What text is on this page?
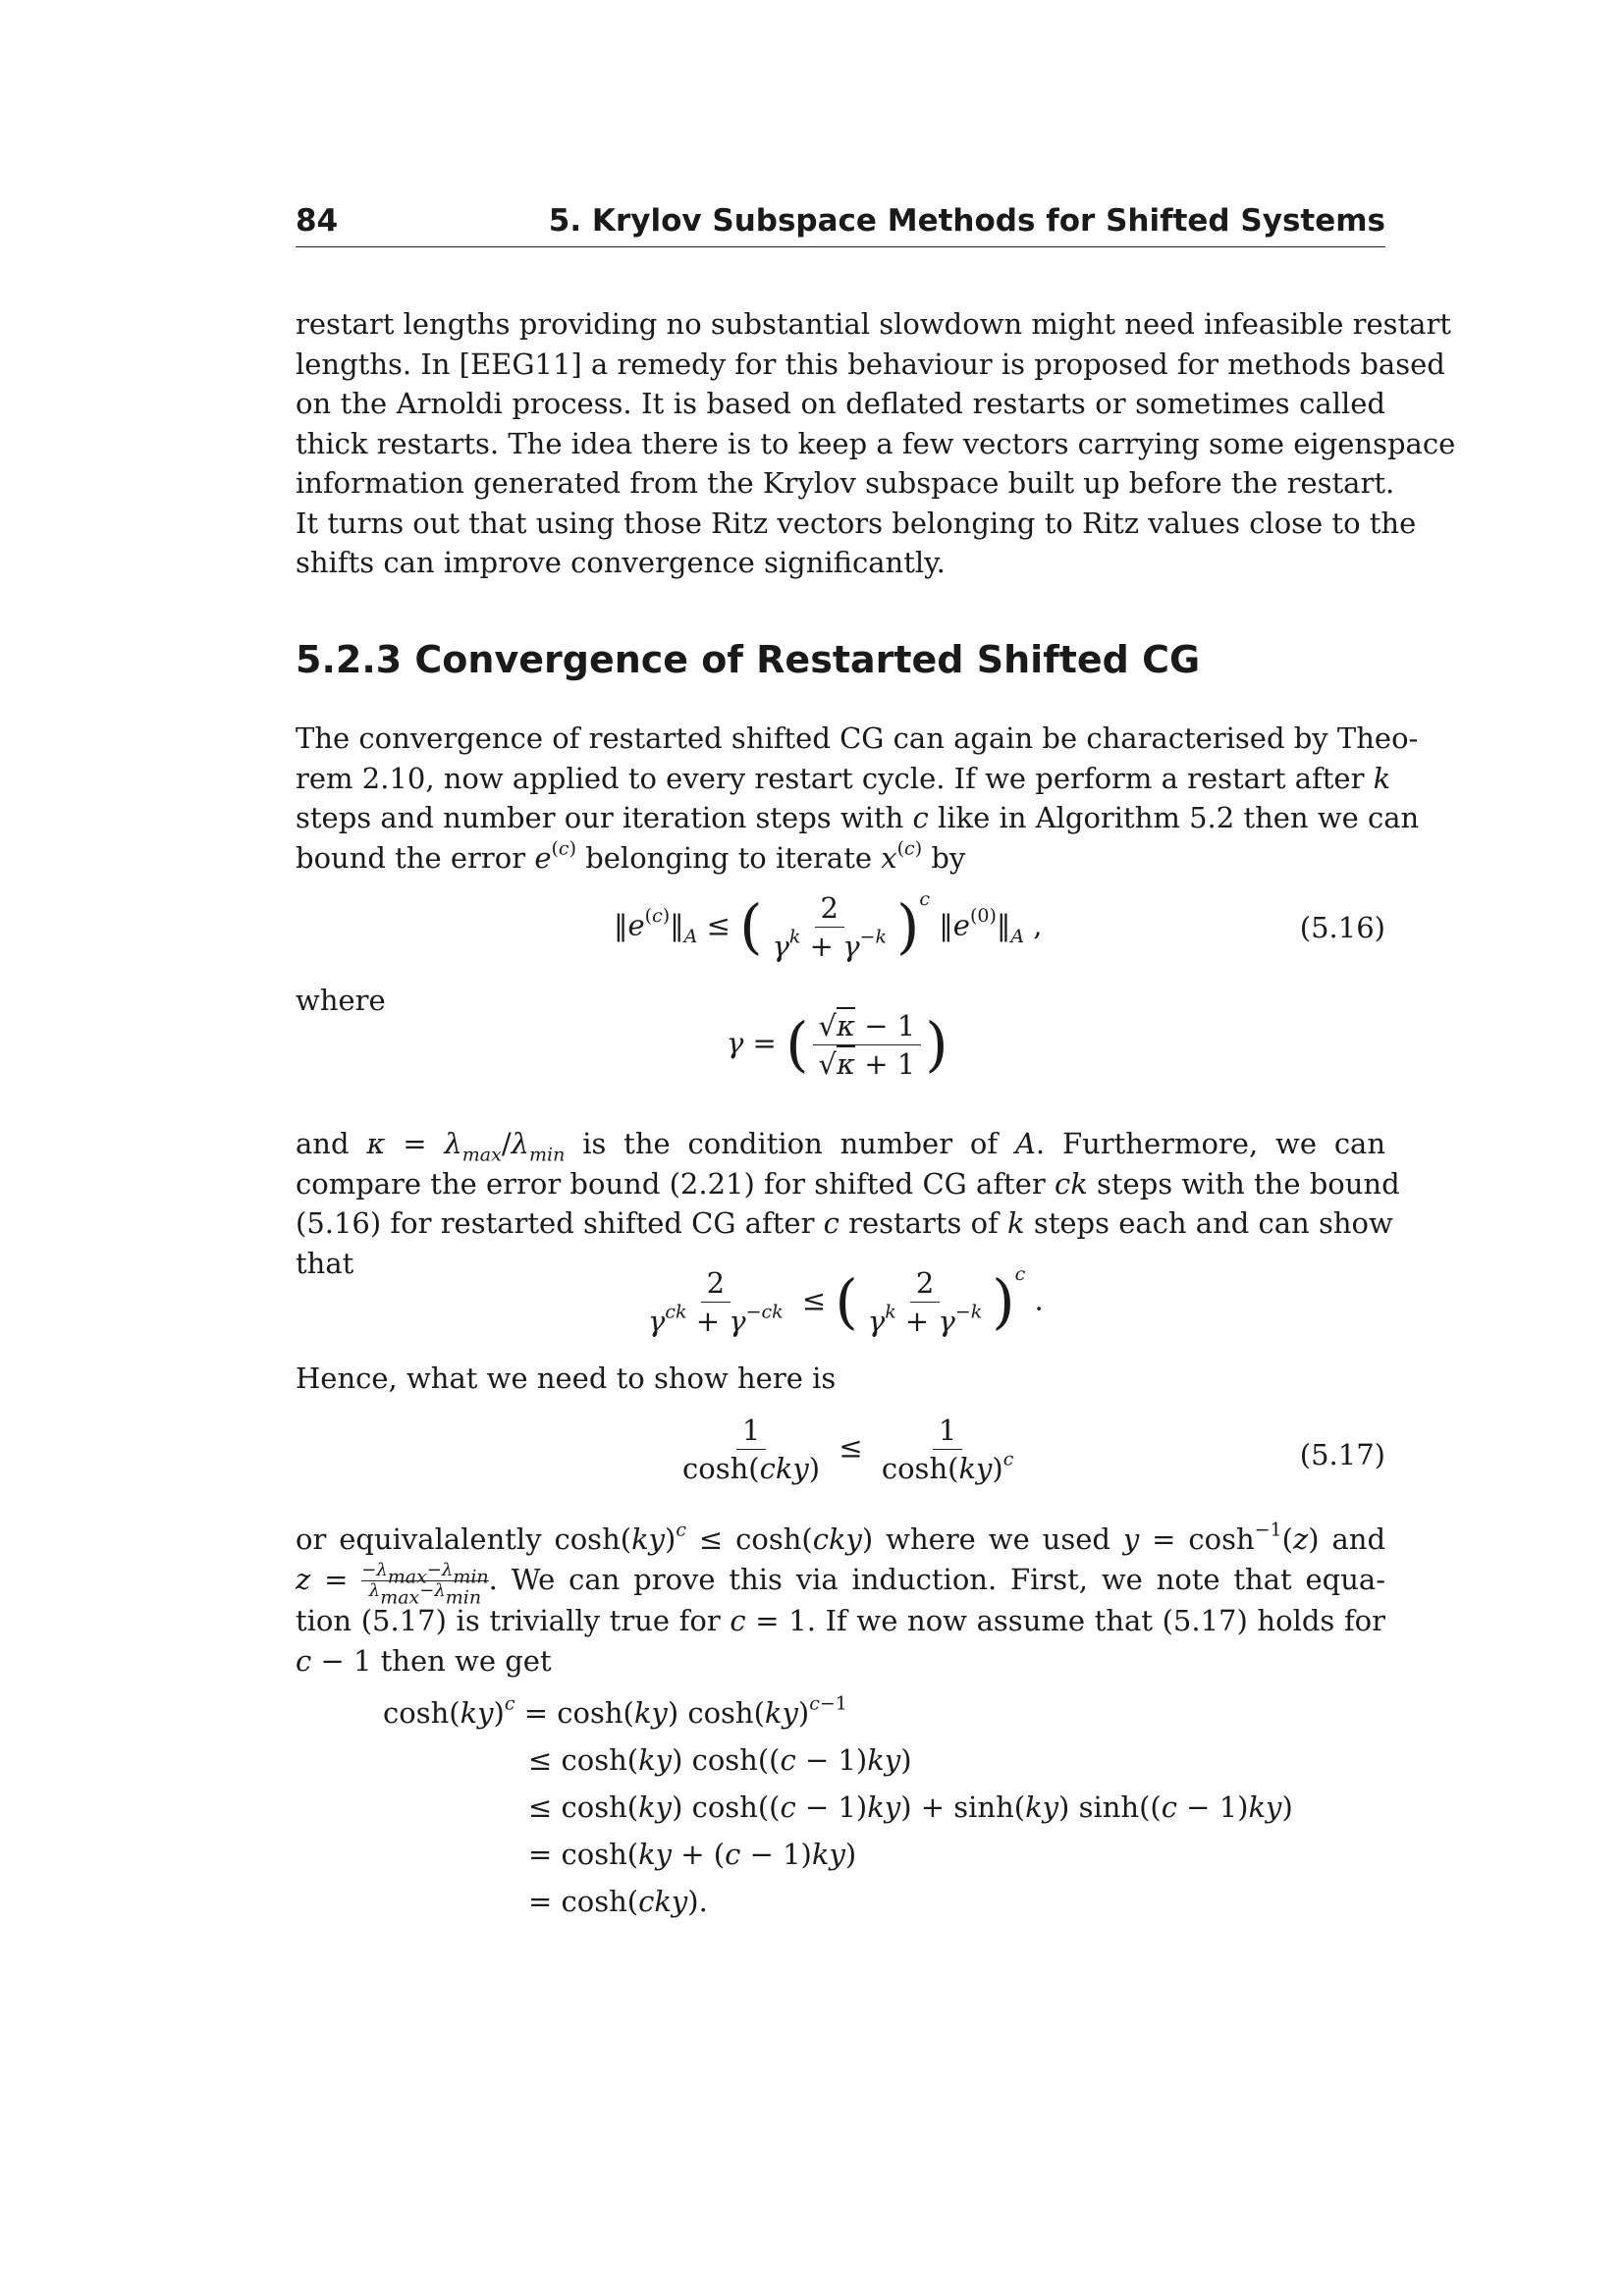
84	5. Krylov Subspace Methods for Shifted Systems
restart lengths providing no substantial slowdown might need infeasible restart
lengths. In [EEG11] a remedy for this behaviour is proposed for methods based
on the Arnoldi process. It is based on deflated restarts or sometimes called
thick restarts. The idea there is to keep a few vectors carrying some eigenspace
information generated from the Krylov subspace built up before the restart.
It turns out that using those Ritz vectors belonging to Ritz values close to the
shifts can improve convergence significantly.
5.2.3 Convergence of Restarted Shifted CG
The convergence of restarted shifted CG can again be characterised by Theo-
rem 2.10, now applied to every restart cycle. If we perform a restart after k
steps and number our iteration steps with c like in Algorithm 5.2 then we can
bound the error $e^{(c)}$ belonging to iterate $x^{(c)}$ by
$‖e^{(c)}‖_A$ ≤ ( $\frac{2}{\gamma^k + \gamma^{-k}} )^c$ $‖e^{(0)}‖_A$ ,	(5.16)
where
γ = ( $\frac{√\kappa - 1}{√\kappa + 1}$ )
and $\kappa = \lambda_{max}/\lambda_{min}$ is the condition number of A. Furthermore, we can
compare the error bound (2.21) for shifted CG after ck steps with the bound
(5.16) for restarted shifted CG after c restarts of k steps each and can show
that
$\frac{2}{\gamma^{ck} + \gamma^{-ck}}$ ≤ ( $\frac{2}{\gamma^k + \gamma^{-k}} )^c$ .
Hence, what we need to show here is
$\frac{1}{\text{cosh(cky)}} \le \frac{1}{\cosh(ky)^c}$	(5.17)
or equivalalently cosh(ky)$^c$ ≤ cosh(cky) where we used $y = \cosh^{-1}(z)$ and
$z = -\lambda_{max}-\lambda_{min}$
$\lambda_{max}-\lambda_{min}$
. We can prove this via induction. First, we note that equa-
tion (5.17) is trivially true for c = 1. If we now assume that (5.17) holds for
c − 1 then we get
cosh(ky)$^c$ = cosh(ky) cosh(ky)$^{c-1}$
≤ cosh(ky) cosh((c − 1)ky)
≤ cosh(ky) cosh((c − 1)ky) + sinh(ky) sinh((c − 1)ky)
= cosh(ky + (c − 1)ky)
= cosh(cky).
